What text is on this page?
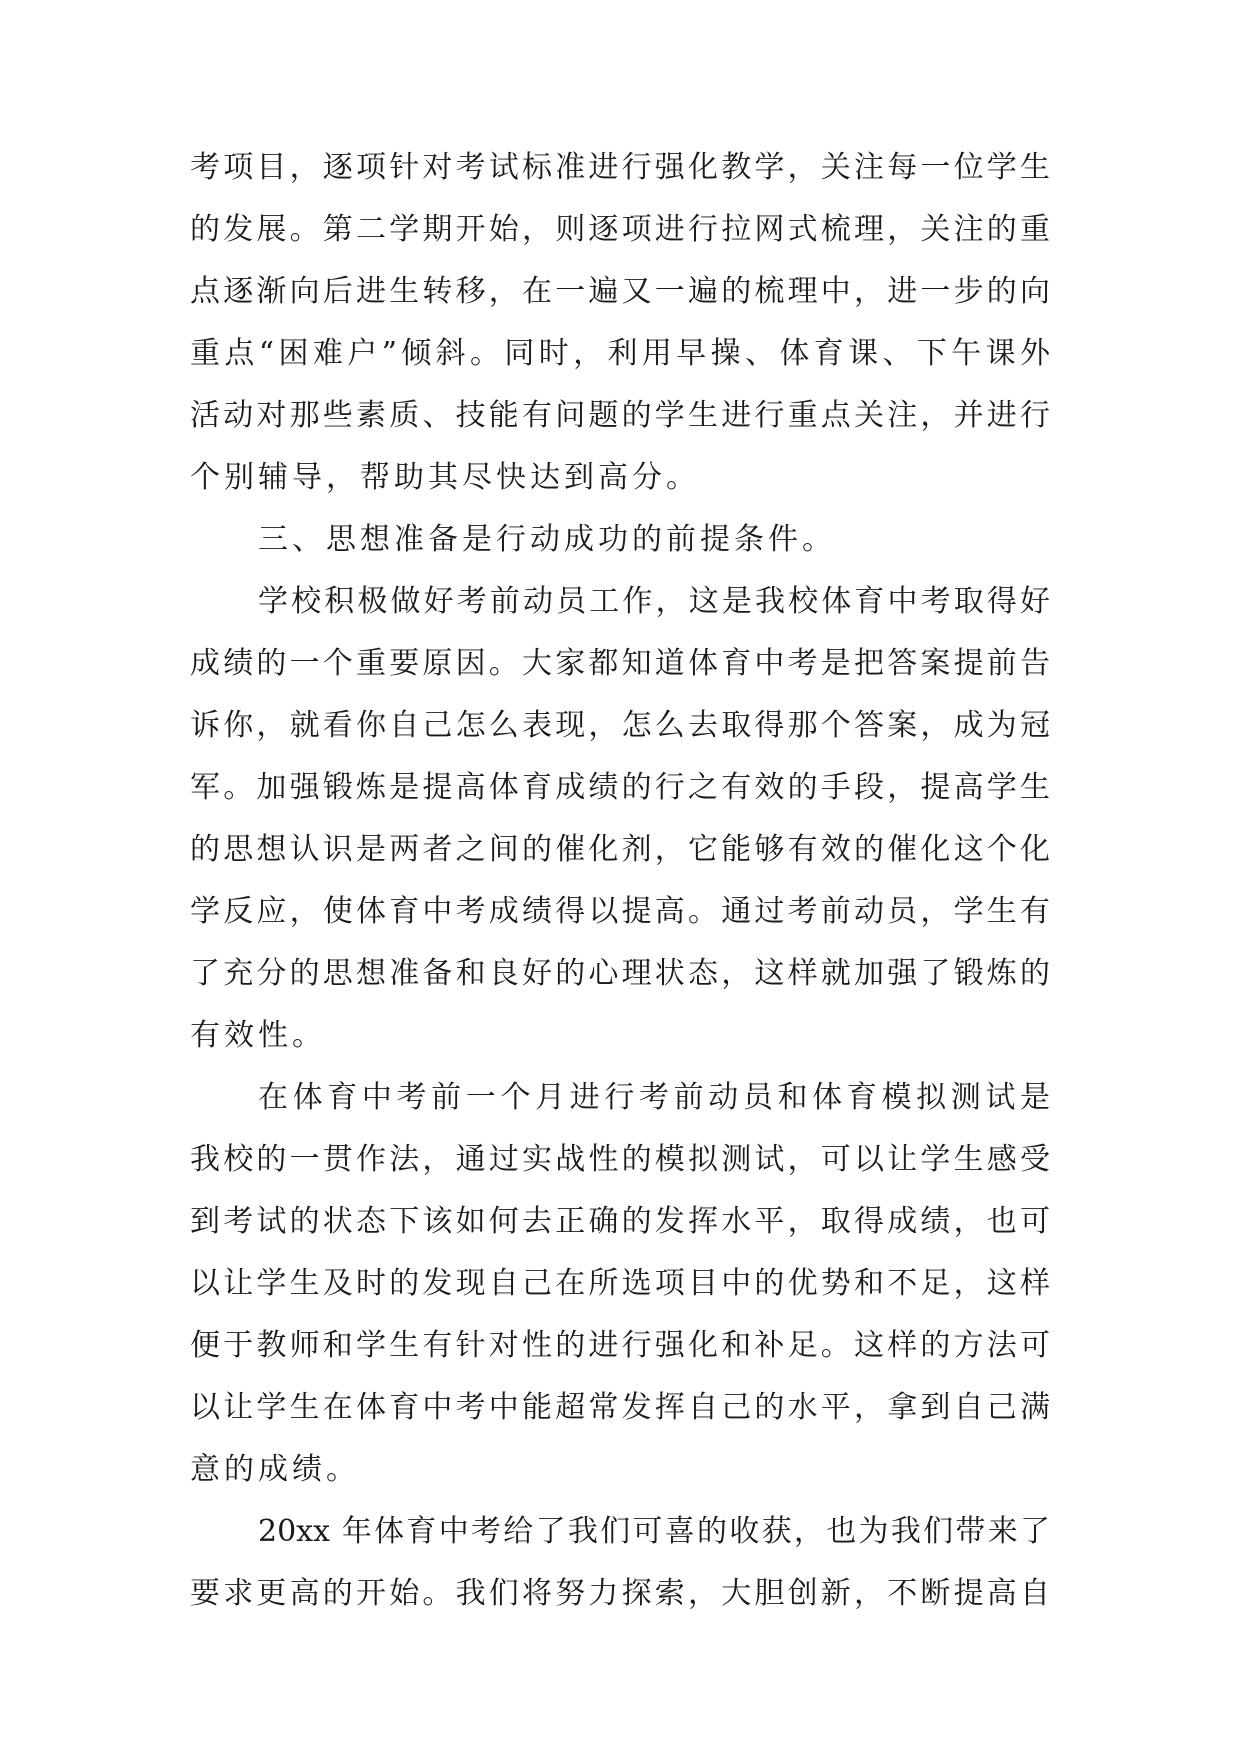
考项目，逐项针对考试标准进行强化教学，关注每一位学生
的发展。第二学期开始，则逐项进行拉网式梳理，关注的重
点逐渐向后进生转移，在一遍又一遍的梳理中，进一步的向
重点“困难户”倾斜。同时，利用早操、体育课、下午课外
活动对那些素质、技能有问题的学生进行重点关注，并进行
个别辅导，帮助其尽快达到高分。
三、思想准备是行动成功的前提条件。
学校积极做好考前动员工作，这是我校体育中考取得好
成绩的一个重要原因。大家都知道体育中考是把答案提前告
诉你，就看你自己怎么表现，怎么去取得那个答案，成为冠
军。加强锻炼是提高体育成绩的行之有效的手段，提高学生
的思想认识是两者之间的催化剂，它能够有效的催化这个化
学反应，使体育中考成绩得以提高。通过考前动员，学生有
了充分的思想准备和良好的心理状态，这样就加强了锻炼的
有效性。
在体育中考前一个月进行考前动员和体育模拟测试是
我校的一贯作法，通过实战性的模拟测试，可以让学生感受
到考试的状态下该如何去正确的发挥水平，取得成绩，也可
以让学生及时的发现自己在所选项目中的优势和不足，这样
便于教师和学生有针对性的进行强化和补足。这样的方法可
以让学生在体育中考中能超常发挥自己的水平，拿到自己满
意的成绩。
20xx 年体育中考给了我们可喜的收获，也为我们带来了
要求更高的开始。我们将努力探索，大胆创新，不断提高自
